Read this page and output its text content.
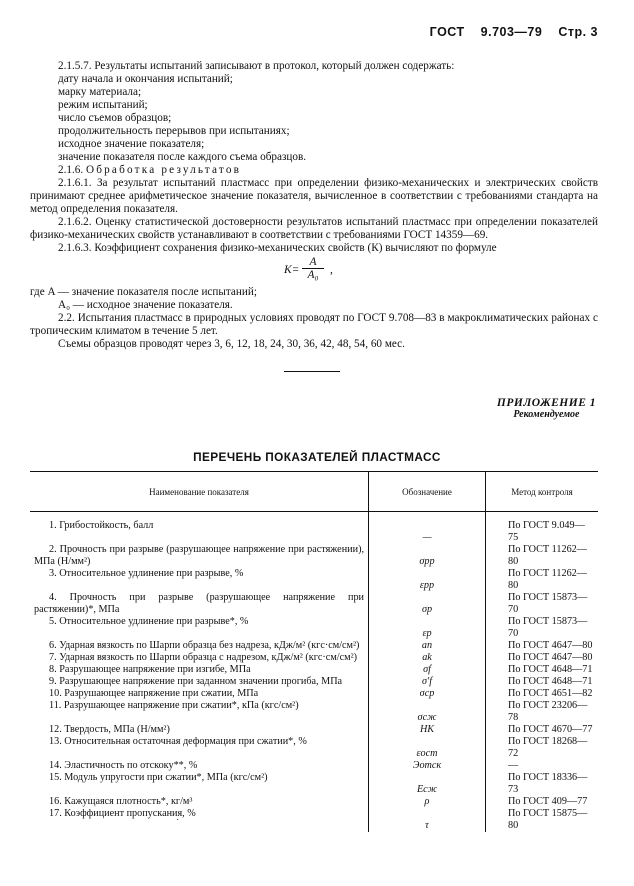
ГОСТ 9.703—79 Стр. 3
2.1.5.7. Результаты испытаний записывают в протокол, который должен содержать:
дату начала и окончания испытаний;
марку материала;
режим испытаний;
число съемов образцов;
продолжительность перерывов при испытаниях;
исходное значение показателя;
значение показателя после каждого съема образцов.
2.1.6. Обработка результатов
2.1.6.1. За результат испытаний пластмасс при определении физико-механических и электрических свойств принимают среднее арифметическое значение показателя, вычисленное в соответствии с требованиями стандарта на метод определения показателя.
2.1.6.2. Оценку статистической достоверности результатов испытаний пластмасс при определении показателей физико-механических свойств устанавливают в соответствии с требованиями ГОСТ 14359—69.
2.1.6.3. Коэффициент сохранения физико-механических свойств (К) вычисляют по формуле
$K= \frac{A}{\text{A₀}}$ ,
где A — значение показателя после испытаний;
A₀ — исходное значение показателя.
2.2. Испытания пластмасс в природных условиях проводят по ГОСТ 9.708—83 в макроклиматических районах с тропическим климатом в течение 5 лет.
Съемы образцов проводят через 3, 6, 12, 18, 24, 30, 36, 42, 48, 54, 60 мес.
ПРИЛОЖЕНИЕ 1
Рекомендуемое
ПЕРЕЧЕНЬ ПОКАЗАТЕЛЕЙ ПЛАСТМАСС
Наименование показателя	Обозначение	Метод контроля
1. Грибостойкость, балл	—	По ГОСТ 9.049—75
2. Прочность при разрыве (разрушающее напряжение при растяжении), МПа (Н/мм²)	σрр	По ГОСТ 11262—80
3. Относительное удлинение при разрыве, %	εрр	По ГОСТ 11262—80
4. Прочность при разрыве (разрушающее напряжение при растяжении)*, МПа	σр	По ГОСТ 15873—70
5. Относительное удлинение при разрыве*, %	εр	По ГОСТ 15873—70
6. Ударная вязкость по Шарпи образца без надреза, кДж/м² (кгс·см/см²)	aп	По ГОСТ 4647—80
7. Ударная вязкость по Шарпи образца с надрезом, кДж/м² (кгс·см/см²)	ak	По ГОСТ 4647—80
8. Разрушающее напряжение при изгибе, МПа	σf	По ГОСТ 4648—71
9. Разрушающее напряжение при заданном значении прогиба, МПа	σ′f	По ГОСТ 4648—71
10. Разрушающее напряжение при сжатии, МПа	σср	По ГОСТ 4651—82
11. Разрушающее напряжение при сжатии*, кПа (кгс/см²)	σсж	По ГОСТ 23206—78
12. Твердость, МПа (Н/мм²)	НК	По ГОСТ 4670—77
13. Относительная остаточная деформация при сжатии*, %	εост	По ГОСТ 18268—72
14. Эластичность по отскоку**, %	Эотск	—
15. Модуль упругости при сжатии*, МПа (кгс/см²)	Есж	По ГОСТ 18336—73
16. Кажущаяся плотность*, кг/м³	ρ	По ГОСТ 409—77
17. Коэффициент пропускания, %	τ	По ГОСТ 15875—80
˙
